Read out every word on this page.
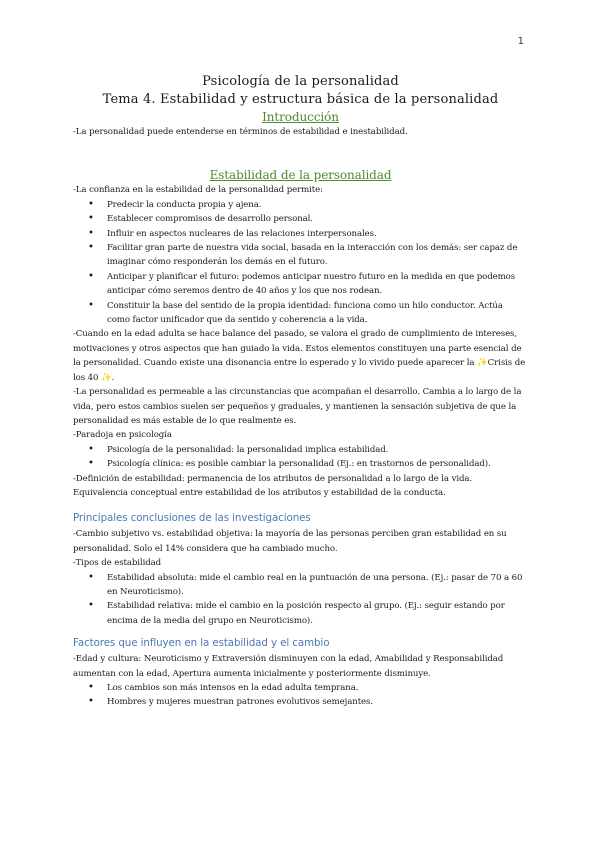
1
Psicología de la personalidad
Tema 4. Estabilidad y estructura básica de la personalidad
Introducción

-La personalidad puede entenderse en términos de estabilidad e inestabilidad.

Estabilidad de la personalidad

-La confianza en la estabilidad de la personalidad permite:

• Predecir la conducta propia y ajena.
• Establecer compromisos de desarrollo personal.
• Influir en aspectos nucleares de las relaciones interpersonales.
• Facilitar gran parte de nuestra vida social, basada en la interacción con los demás: ser capaz de imaginar cómo responderán los demás en el futuro.
• Anticipar y planificar el futuro: podemos anticipar nuestro futuro en la medida en que podemos anticipar cómo seremos dentro de 40 años y los que nos rodean.
• Constituir la base del sentido de la propia identidad: funciona como un hilo conductor. Actúa como factor unificador que da sentido y coherencia a la vida.

-Cuando en la edad adulta se hace balance del pasado, se valora el grado de cumplimiento de intereses, motivaciones y otros aspectos que han guiado la vida. Estos elementos constituyen una parte esencial de la personalidad. Cuando existe una disonancia entre lo esperado y lo vivido puede aparecer la ✨Crisis de los 40 ✨.

-La personalidad es permeable a las circunstancias que acompañan el desarrollo. Cambia a lo largo de la vida, pero estos cambios suelen ser pequeños y graduales, y mantienen la sensación subjetiva de que la personalidad es más estable de lo que realmente es.

-Paradoja en psicología

• Psicología de la personalidad: la personalidad implica estabilidad.
• Psicología clínica: es posible cambiar la personalidad (Ej.: en trastornos de personalidad).

-Definición de estabilidad: permanencia de los atributos de personalidad a lo largo de la vida. Equivalencia conceptual entre estabilidad de los atributos y estabilidad de la conducta.

Principales conclusiones de las investigaciones

-Cambio subjetivo vs. estabilidad objetiva: la mayoría de las personas perciben gran estabilidad en su personalidad. Solo el 14% considera que ha cambiado mucho.

-Tipos de estabilidad

• Estabilidad absoluta: mide el cambio real en la puntuación de una persona. (Ej.: pasar de 70 a 60 en Neuroticismo).
• Estabilidad relativa: mide el cambio en la posición respecto al grupo. (Ej.: seguir estando por encima de la media del grupo en Neuroticismo).
Factores que influyen en la estabilidad y el cambio

-Edad y cultura: Neuroticismo y Extraversión disminuyen con la edad, Amabilidad y Responsabilidad aumentan con la edad, Apertura aumenta inicialmente y posteriormente disminuye.

• Los cambios son más intensos en la edad adulta temprana.
• Hombres y mujeres muestran patrones evolutivos semejantes.
